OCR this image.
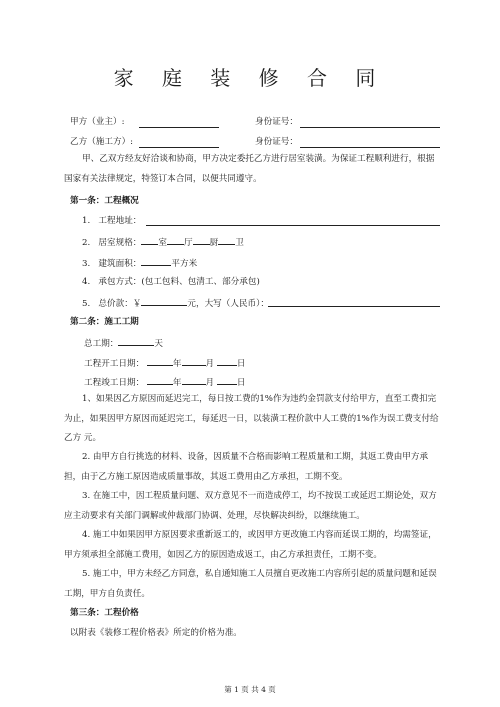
家 庭 装 修 合 同
甲方（业主）:	身份证号：
乙方（施工方）:	身份证号：

甲、乙双方经友好洽谈和协商，甲方决定委托乙方进行居室装潢。为保证工程顺利进行，根据国家有关法律规定，特签订本合同，以便共同遵守。

第一条：工程概况
1. 工程地址：
2. 居室规格： 室 厅 厨 卫
3. 建筑面积：	平方米
4. 承包方式：(包工包料、包清工、部分承包)
5. 总价款：￥	元，大写（人民币）：
第二条：施工工期
总工期：	天
工程开工日期：	年	月	日
工程竣工日期：	年	月	日

1、如果因乙方原因而延迟完工，每日按工费的1%作为违约金罚款支付给甲方，直至工费扣完为止，如果因甲方原因而延迟完工，每延迟一日，以装潢工程价款中人工费的1%作为误工费支付给乙方 元。

2. 由甲方自行挑选的材料、设备，因质量不合格而影响工程质量和工期，其返工费由甲方承担，由于乙方施工原因造成质量事故，其返工费用由乙方承担，工期不变。

3. 在施工中，因工程质量问题、双方意见不一而造成停工，均不按误工或延迟工期论处，双方应主动要求有关部门调解或仲裁部门协调、处理，尽快解决纠纷，以继续施工。

4. 施工中如果因甲方原因要求重新返工的，或因甲方更改施工内容而延误工期的，均需签证，甲方须承担全部施工费用，如因乙方的原因造成返工，由乙方承担责任，工期不变。

5. 施工中，甲方未经乙方同意，私自通知施工人员擅自更改施工内容所引起的质量问题和延误工期，甲方自负责任。

第三条：工程价格
以附表《装修工程价格表》所定的价格为准。
第 1 页 共 4 页
